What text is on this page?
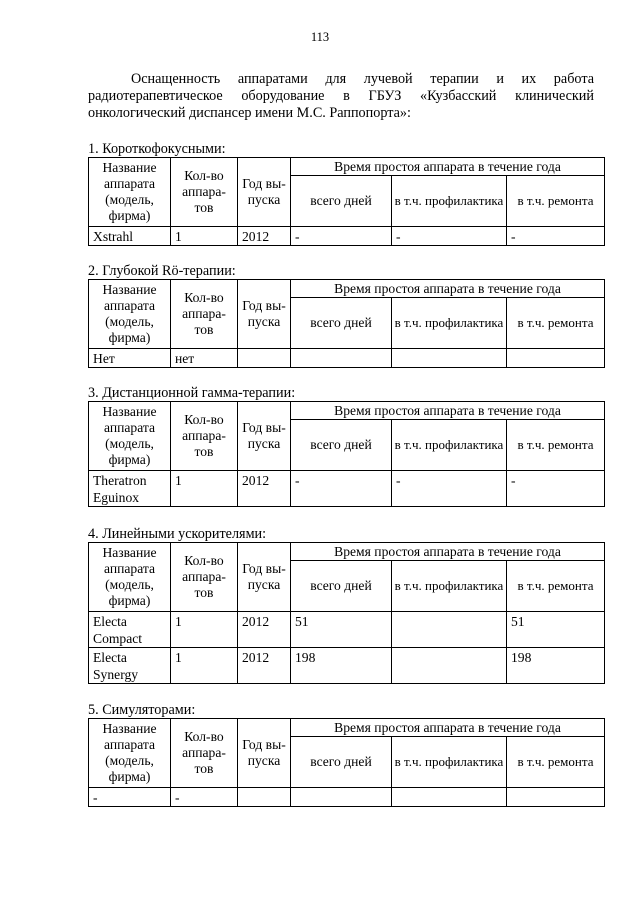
113

Оснащенность аппаратами для лучевой терапии и их работа радиотерапевтическое оборудование в ГБУЗ «Кузбасский клинический онкологический диспансер имени М.С. Раппопорта»:

1. Короткофокусными:
Название аппарата (модель, фирма)	Кол-во аппара- тов	Год вы- пуска	Время простоя аппарата в течение года		
			всего дней	в т.ч. профилактика	в т.ч. ремонта
Xstrahl	1	2012	-	-	-
2. Глубокой Rö-терапии:
Название аппарата (модель, фирма)	Кол-во аппара- тов	Год вы- пуска	Время простоя аппарата в течение года		
			всего дней	в т.ч. профилактика	в т.ч. ремонта
Нет	нет				
3. Дистанционной гамма-терапии:
Название аппарата (модель, фирма)	Кол-во аппара- тов	Год вы- пуска	Время простоя аппарата в течение года		
			всего дней	в т.ч. профилактика	в т.ч. ремонта
Theratron Eguinox	1	2012	-	-	-
4. Линейными ускорителями:
Название аппарата (модель, фирма)	Кол-во аппара- тов	Год вы- пуска	Время простоя аппарата в течение года		
			всего дней	в т.ч. профилактика	в т.ч. ремонта
Electa Compact	1	2012	51		51
Electa Synergy	1	2012	198		198
5. Симуляторами:
Название аппарата (модель, фирма)	Кол-во аппара- тов	Год вы- пуска	Время простоя аппарата в течение года		
			всего дней	в т.ч. профилактика	в т.ч. ремонта
-	-				
